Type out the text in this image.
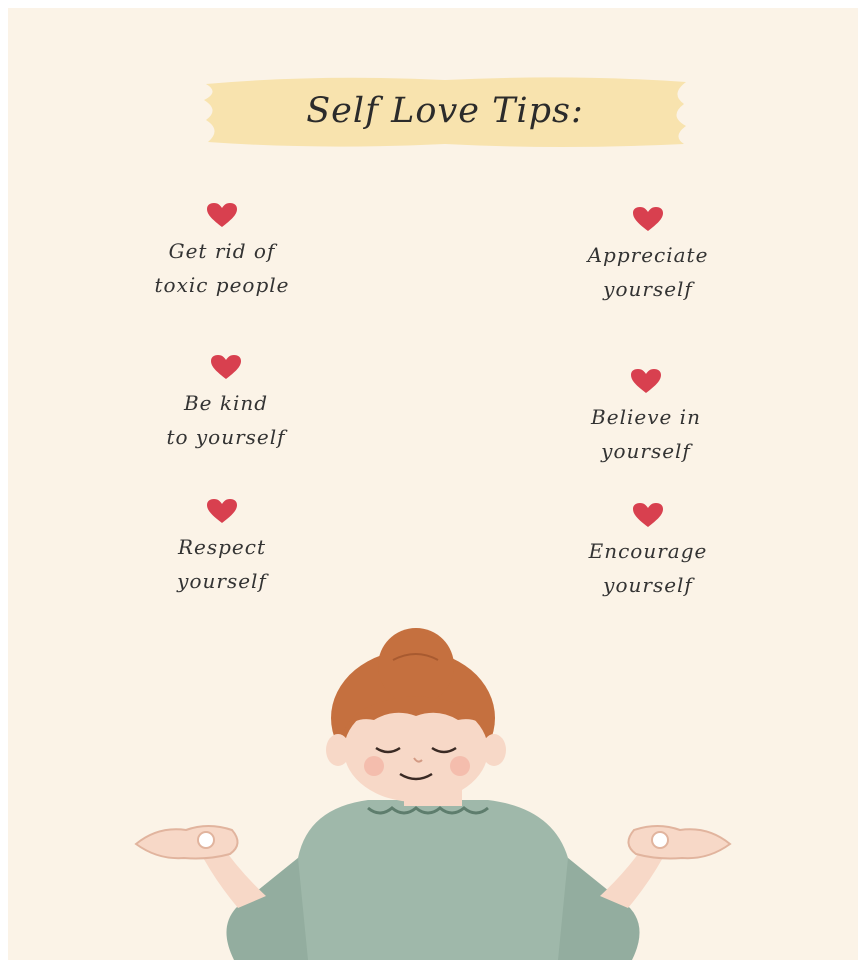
Self Love Tips:
Get rid of
toxic people
Appreciate
yourself
Be kind
to yourself
Believe in
yourself
Respect
yourself
Encourage
yourself
